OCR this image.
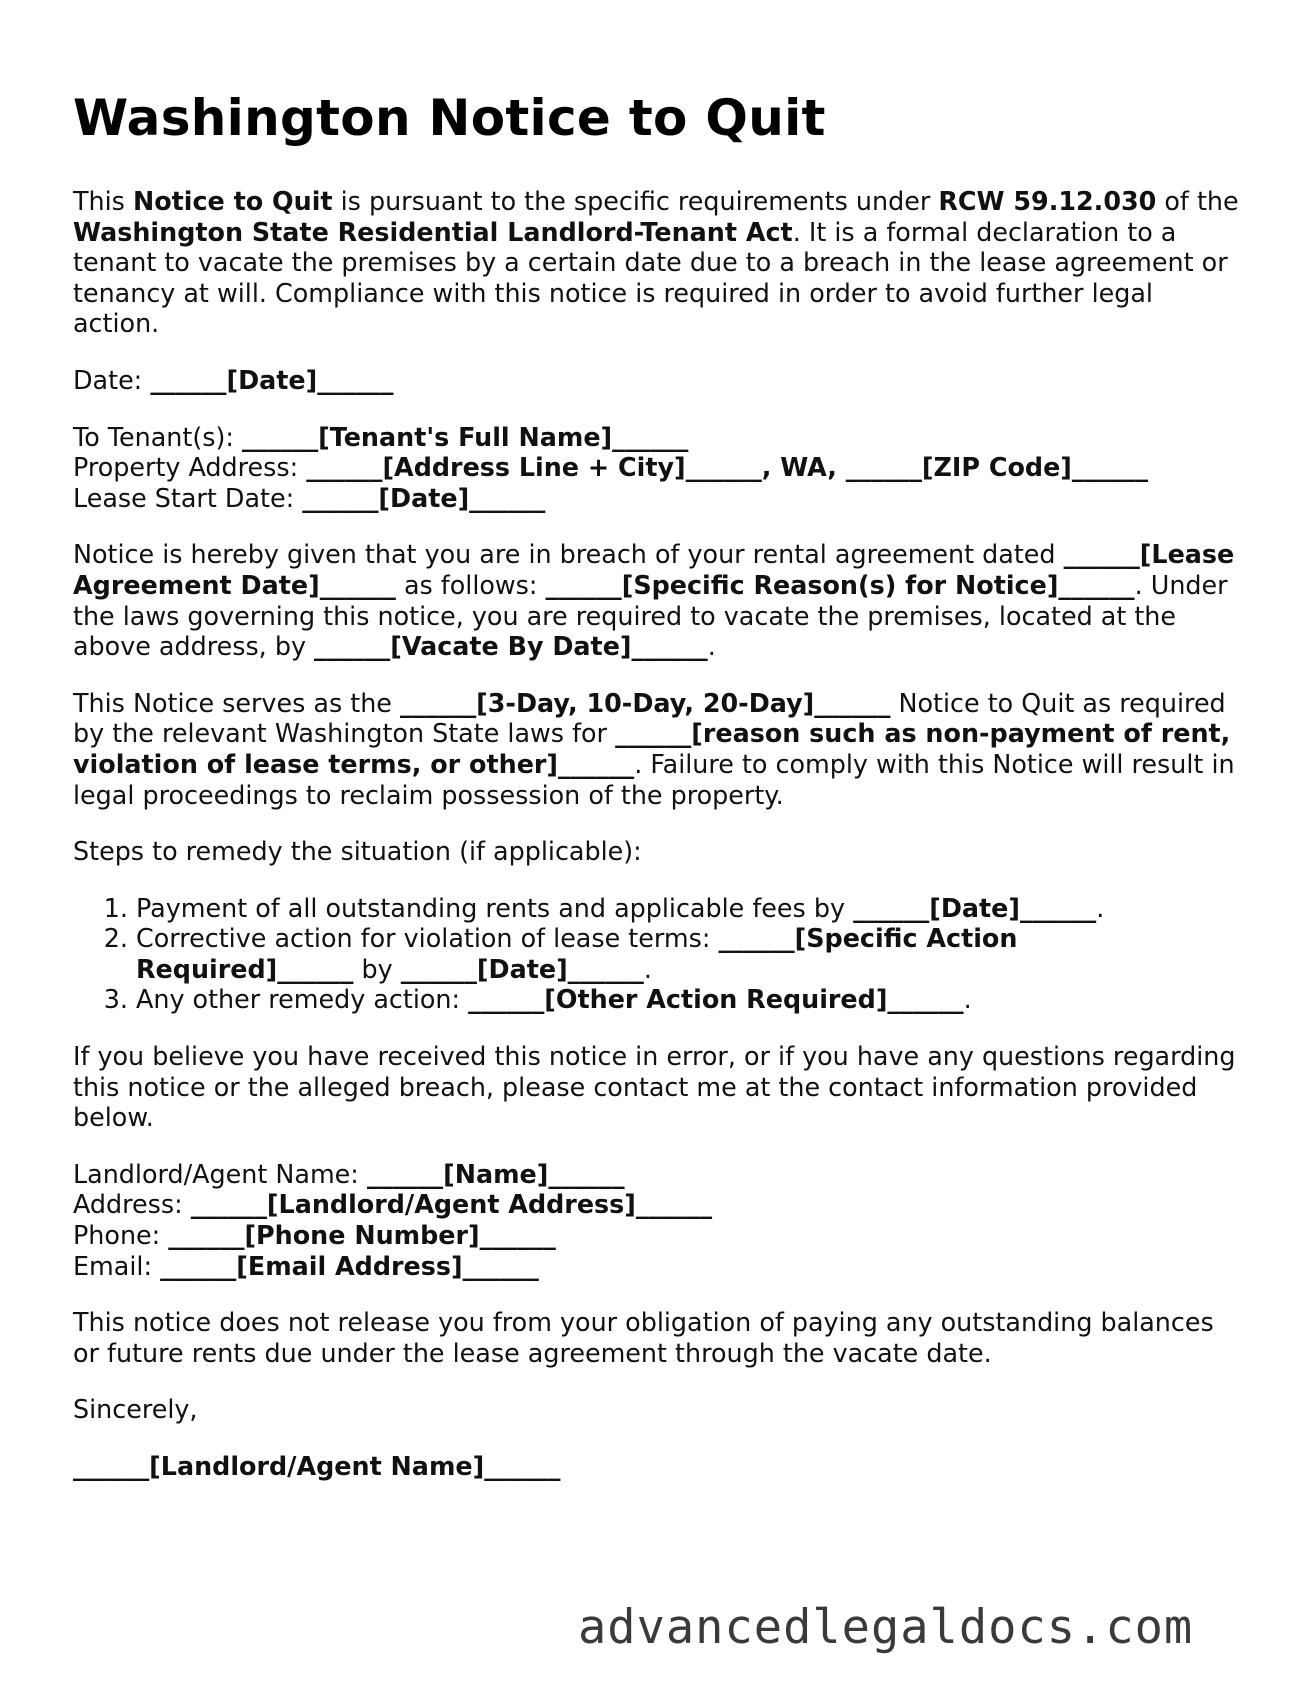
Washington Notice to Quit
This Notice to Quit is pursuant to the specific requirements under RCW 59.12.030 of the Washington State Residential Landlord-Tenant Act. It is a formal declaration to a tenant to vacate the premises by a certain date due to a breach in the lease agreement or tenancy at will. Compliance with this notice is required in order to avoid further legal action.
Date: ______[Date]______
To Tenant(s): ______[Tenant's Full Name]______
Property Address: ______[Address Line + City]______, WA, ______[ZIP Code]______
Lease Start Date: ______[Date]______
Notice is hereby given that you are in breach of your rental agreement dated ______[Lease Agreement Date]______ as follows: ______[Specific Reason(s) for Notice]______. Under the laws governing this notice, you are required to vacate the premises, located at the above address, by ______[Vacate By Date]______.
This Notice serves as the ______[3-Day, 10-Day, 20-Day]______ Notice to Quit as required by the relevant Washington State laws for ______[reason such as non-payment of rent, violation of lease terms, or other]______. Failure to comply with this Notice will result in legal proceedings to reclaim possession of the property.
Steps to remedy the situation (if applicable):
1. Payment of all outstanding rents and applicable fees by ______[Date]______.
2. Corrective action for violation of lease terms: ______[Specific Action Required]______ by ______[Date]______.
3. Any other remedy action: ______[Other Action Required]______.
If you believe you have received this notice in error, or if you have any questions regarding this notice or the alleged breach, please contact me at the contact information provided below.
Landlord/Agent Name: ______[Name]______
Address: ______[Landlord/Agent Address]______
Phone: ______[Phone Number]______
Email: ______[Email Address]______
This notice does not release you from your obligation of paying any outstanding balances or future rents due under the lease agreement through the vacate date.
Sincerely,
______[Landlord/Agent Name]______
advancedlegaldocs.com
